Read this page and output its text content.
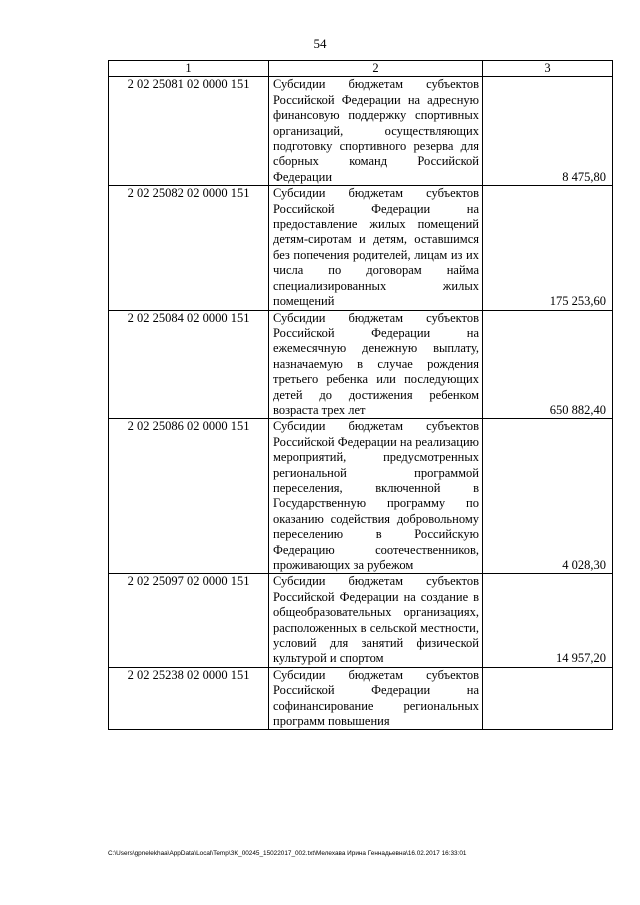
54
1	2	3
2 02 25081 02 0000 151	Субсидии бюджетам субъектов Российской Федерации на адресную финансовую поддержку спортивных организаций, осуществляющих подготовку спортивного резерва для сборных команд Российской Федерации	8 475,80
2 02 25082 02 0000 151	Субсидии бюджетам субъектов Российской Федерации на предоставление жилых помещений детям-сиротам и детям, оставшимся без попечения родителей, лицам из их числа по договорам найма специализированных жилых помещений	175 253,60
2 02 25084 02 0000 151	Субсидии бюджетам субъектов Российской Федерации на ежемесячную денежную выплату, назначаемую в случае рождения третьего ребенка или последующих детей до достижения ребенком возраста трех лет	650 882,40
2 02 25086 02 0000 151	Субсидии бюджетам субъектов Российской Федерации на реализацию мероприятий, предусмотренных региональной программой переселения, включенной в Государственную программу по оказанию содействия добровольному переселению в Российскую Федерацию соотечественников, проживающих за рубежом	4 028,30
2 02 25097 02 0000 151	Субсидии бюджетам субъектов Российской Федерации на создание в общеобразовательных организациях, расположенных в сельской местности, условий для занятий физической культурой и спортом	14 957,20
2 02 25238 02 0000 151	Субсидии бюджетам субъектов Российской Федерации на софинансирование региональных программ повышения	
C:\Users\gpnelekhaa\AppData\Local\Temp\ЗК_00245_15022017_002.txt\Мелехава Ирина Геннадьевна\16.02.2017 16:33:01
